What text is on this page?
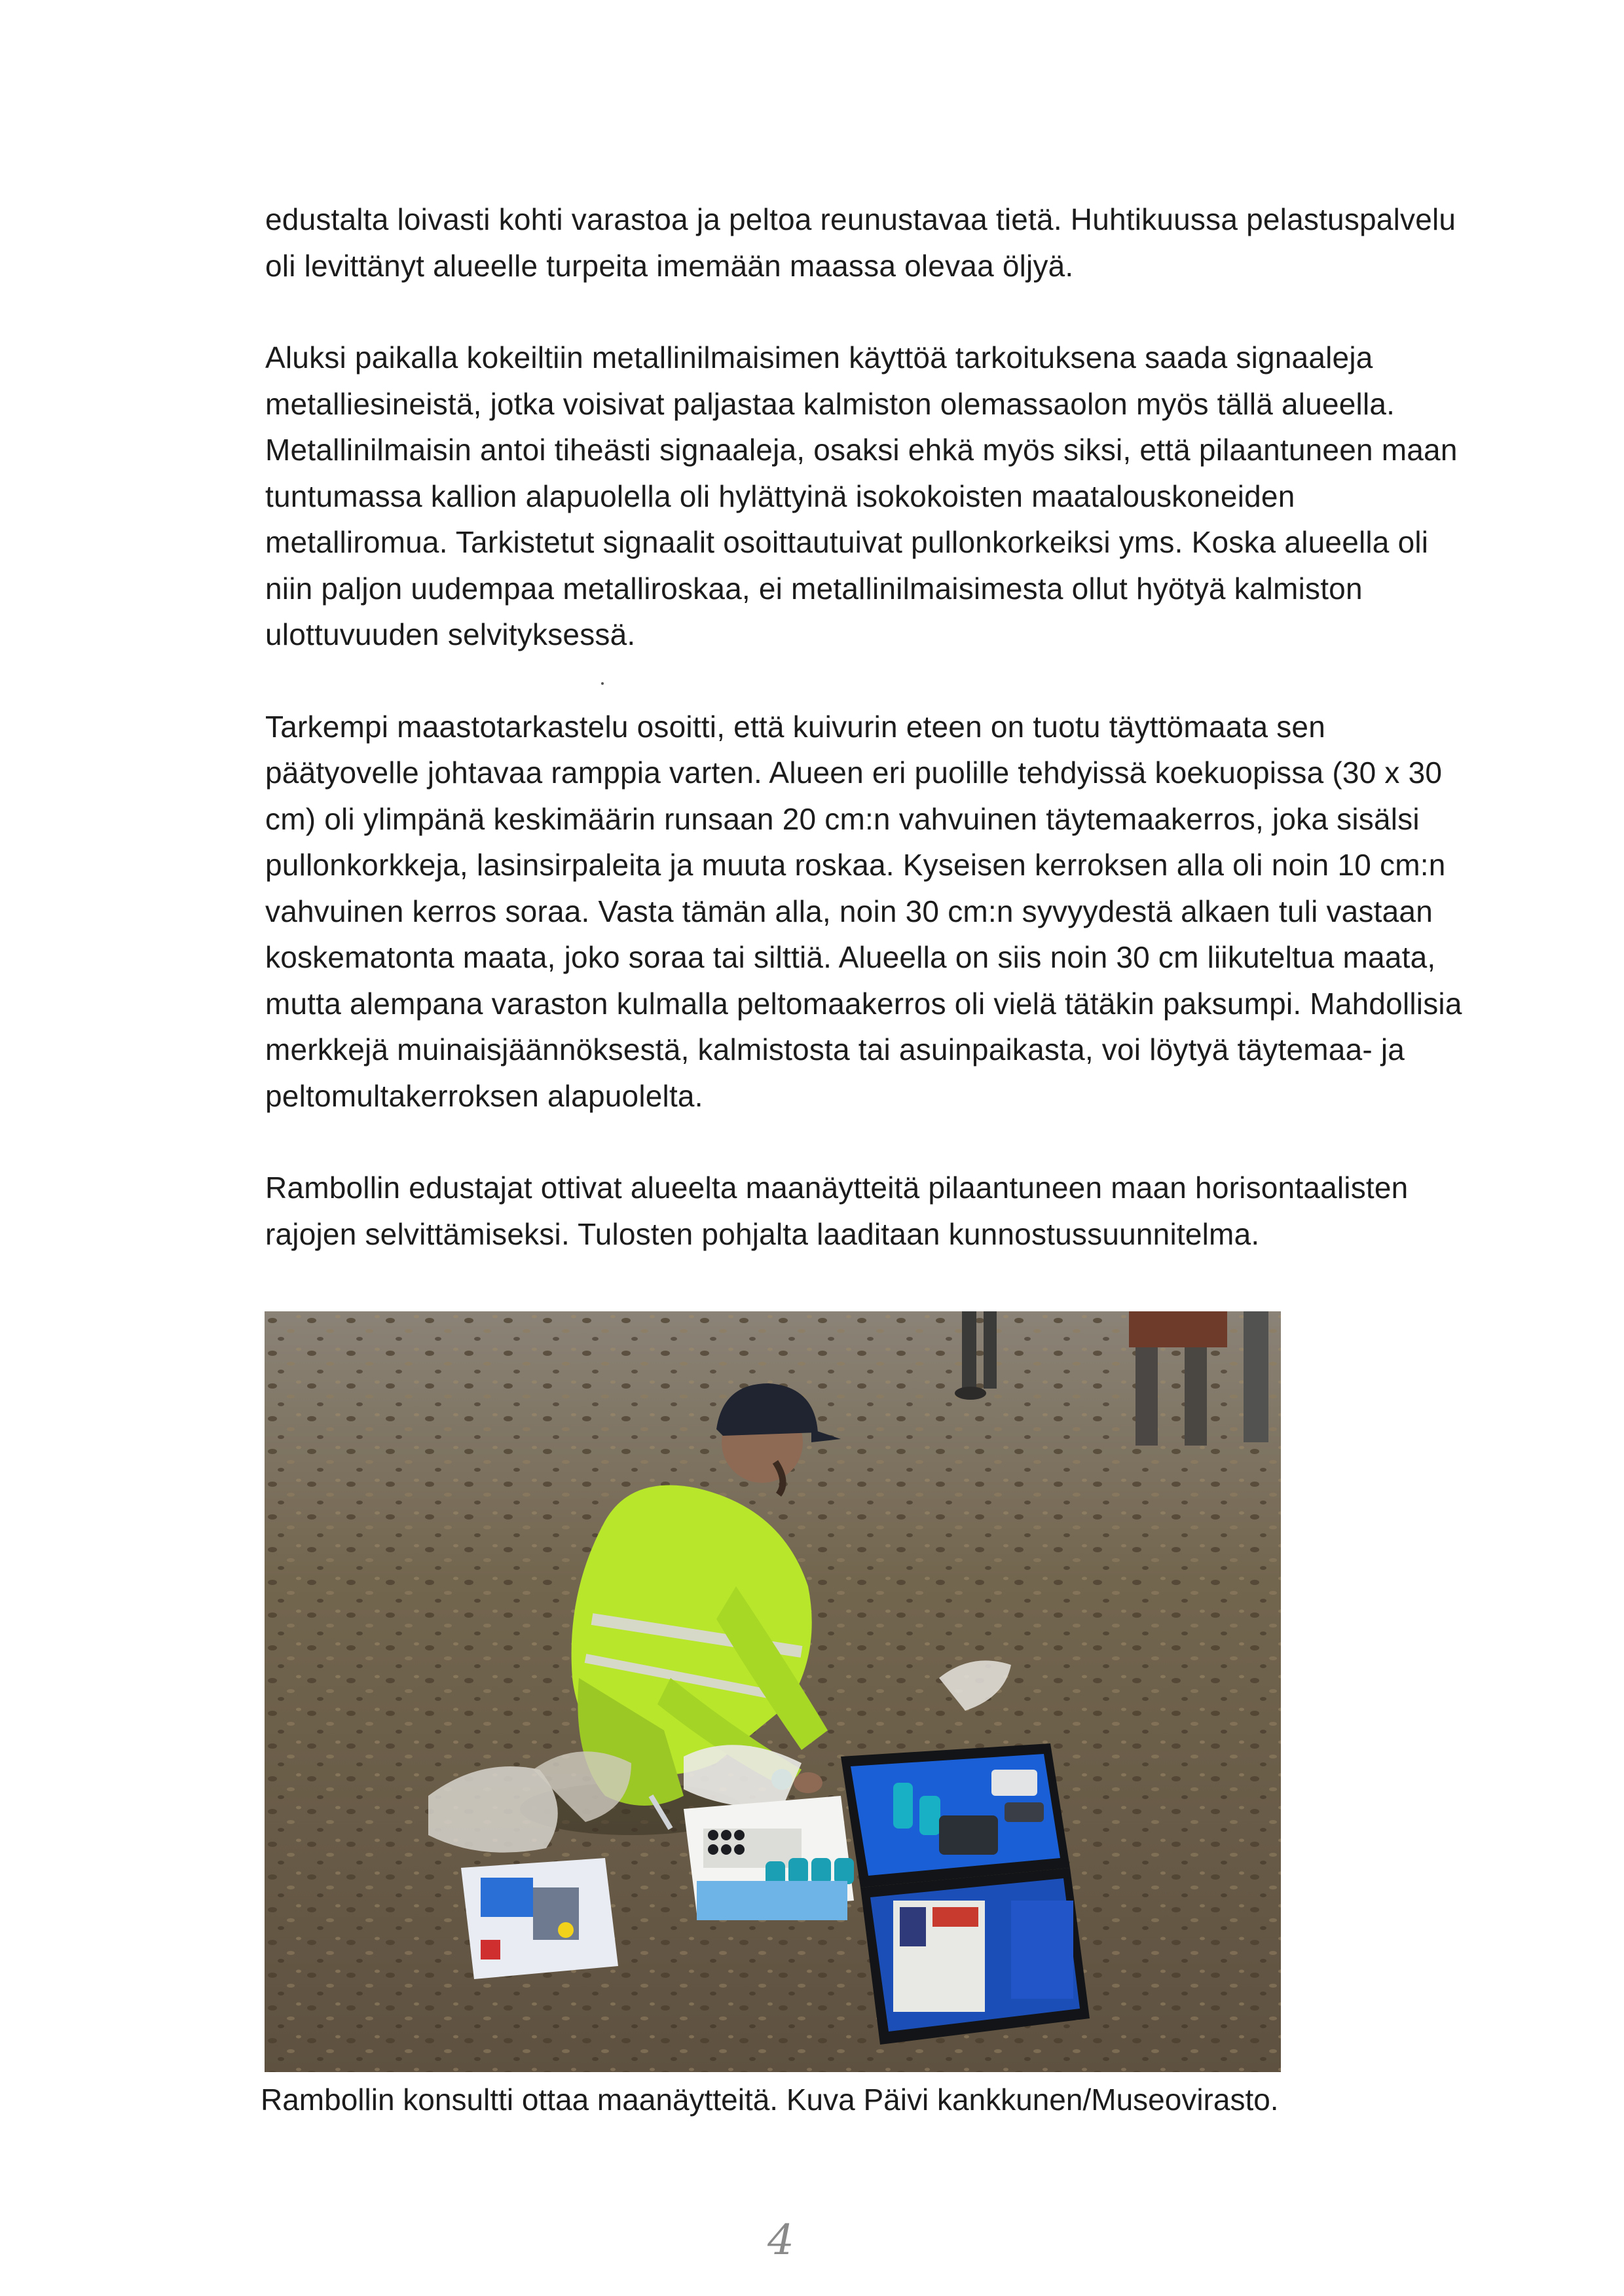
edustalta loivasti kohti varastoa ja peltoa reunustavaa tietä. Huhtikuussa pelastuspalvelu
oli levittänyt alueelle turpeita imemään maassa olevaa öljyä.

Aluksi paikalla kokeiltiin metallinilmaisimen käyttöä tarkoituksena saada signaaleja
metalliesineistä, jotka voisivat paljastaa kalmiston olemassaolon myös tällä alueella.
Metallinilmaisin antoi tiheästi signaaleja, osaksi ehkä myös siksi, että pilaantuneen maan
tuntumassa kallion alapuolella oli hylättyinä isokokoisten maatalouskoneiden
metalliromua. Tarkistetut signaalit osoittautuivat pullonkorkeiksi yms. Koska alueella oli
niin paljon uudempaa metalliroskaa, ei metallinilmaisimesta ollut hyötyä kalmiston
ulottuvuuden selvityksessä.

Tarkempi maastotarkastelu osoitti, että kuivurin eteen on tuotu täyttömaata sen
päätyovelle johtavaa ramppia varten. Alueen eri puolille tehdyissä koekuopissa (30 x 30
cm) oli ylimpänä keskimäärin runsaan 20 cm:n vahvuinen täytemaakerros, joka sisälsi
pullonkorkkeja, lasinsirpaleita ja muuta roskaa. Kyseisen kerroksen alla oli noin 10 cm:n
vahvuinen kerros soraa. Vasta tämän alla, noin 30 cm:n syvyydestä alkaen tuli vastaan
koskematonta maata, joko soraa tai silttiä. Alueella on siis noin 30 cm liikuteltua maata,
mutta alempana varaston kulmalla peltomaakerros oli vielä tätäkin paksumpi. Mahdollisia
merkkejä muinaisjäännöksestä, kalmistosta tai asuinpaikasta, voi löytyä täytemaa- ja
peltomultakerroksen alapuolelta.

Rambollin edustajat ottivat alueelta maanäytteitä pilaantuneen maan horisontaalisten
rajojen selvittämiseksi. Tulosten pohjalta laaditaan kunnostussuunnitelma.

Rambollin konsultti ottaa maanäytteitä. Kuva Päivi kankkunen/Museovirasto.
4
